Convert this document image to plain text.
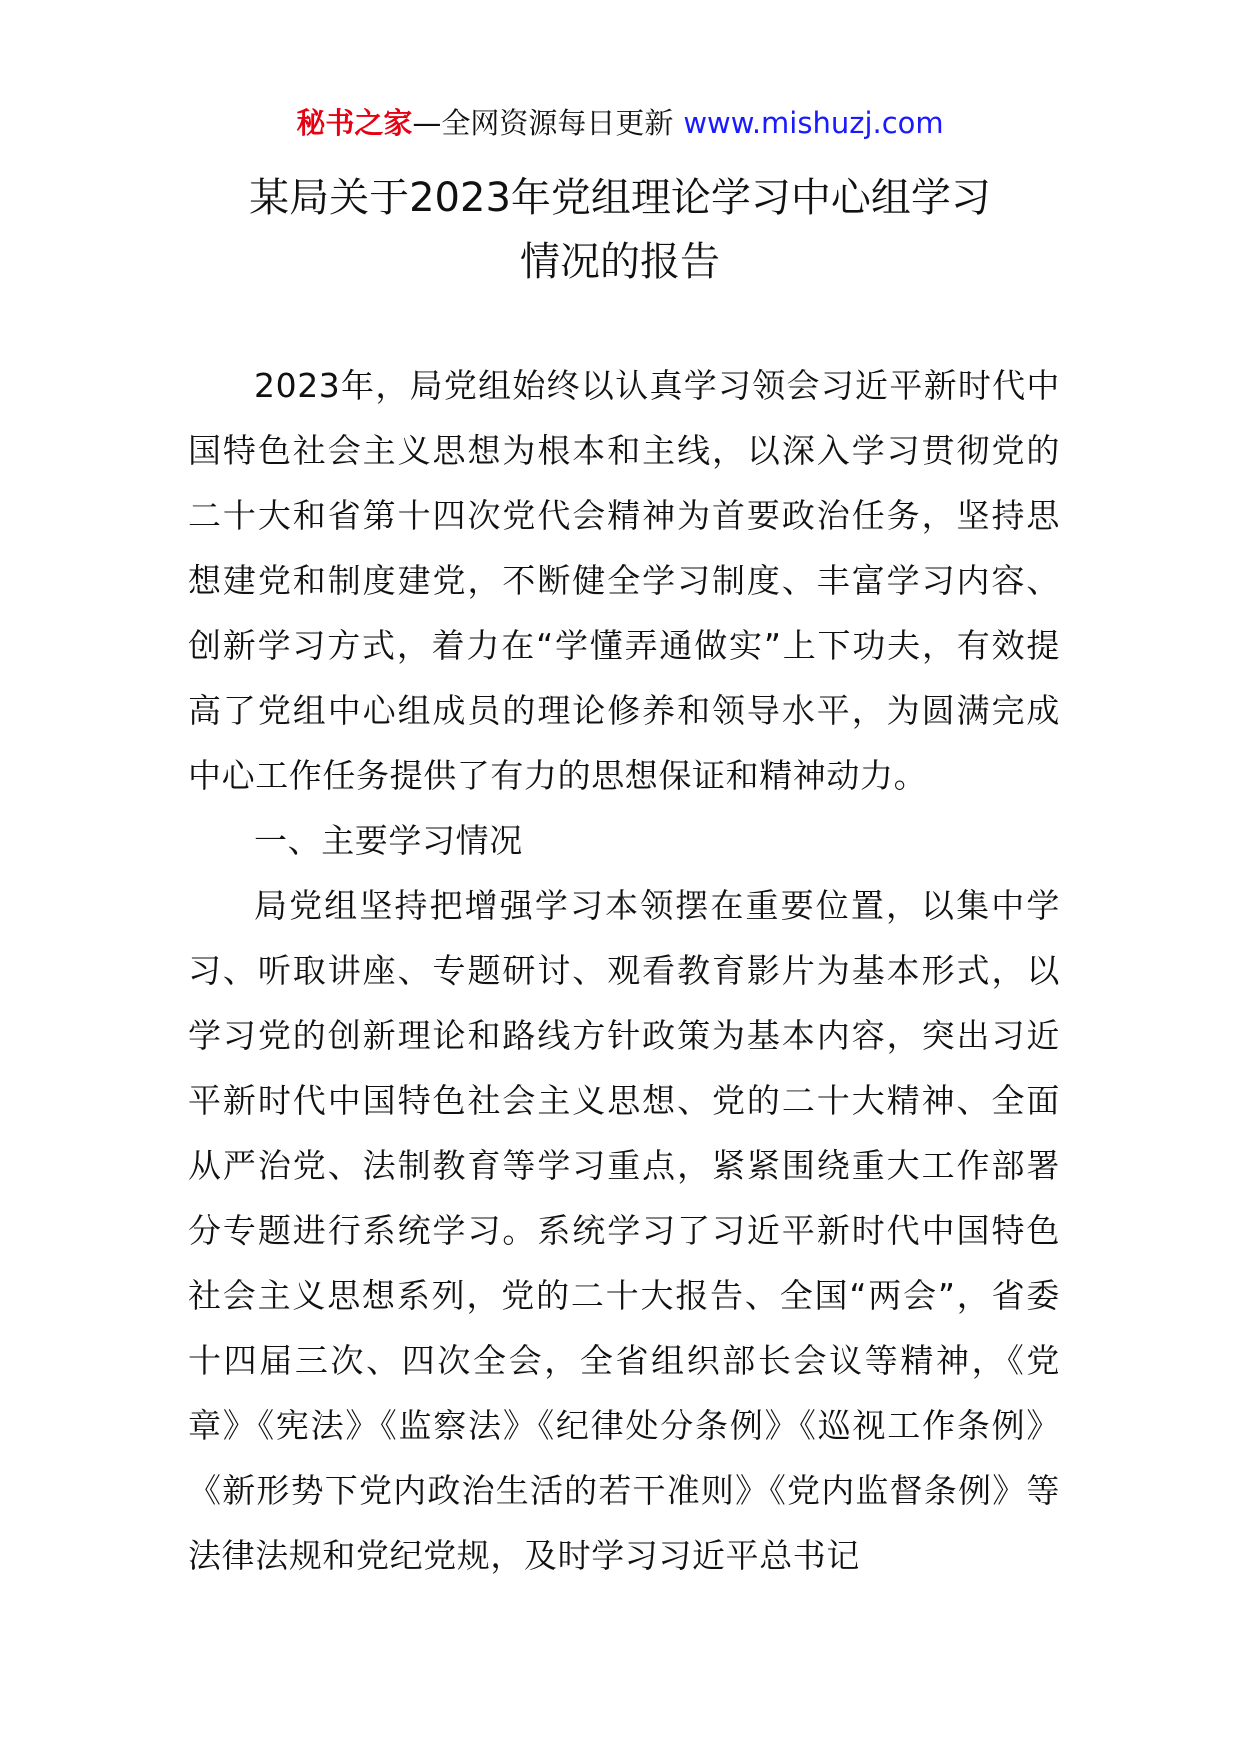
秘书之家—全网资源每日更新 www.mishuzj.com
某局关于2023年党组理论学习中心组学习
情况的报告

2023年，局党组始终以认真学习领会习近平新时代中国特色社会主义思想为根本和主线，以深入学习贯彻党的二十大和省第十四次党代会精神为首要政治任务，坚持思想建党和制度建党，不断健全学习制度、丰富学习内容、创新学习方式，着力在“学懂弄通做实”上下功夫，有效提高了党组中心组成员的理论修养和领导水平，为圆满完成中心工作任务提供了有力的思想保证和精神动力。

一、主要学习情况

局党组坚持把增强学习本领摆在重要位置，以集中学习、听取讲座、专题研讨、观看教育影片为基本形式，以学习党的创新理论和路线方针政策为基本内容，突出习近平新时代中国特色社会主义思想、党的二十大精神、全面从严治党、法制教育等学习重点，紧紧围绕重大工作部署分专题进行系统学习。系统学习了习近平新时代中国特色社会主义思想系列，党的二十大报告、全国“两会”，省委十四届三次、四次全会，全省组织部长会议等精神，《党章》《宪法》《监察法》《纪律处分条例》《巡视工作条例》《新形势下党内政治生活的若干准则》《党内监督条例》等法律法规和党纪党规，及时学习习近平总书记
